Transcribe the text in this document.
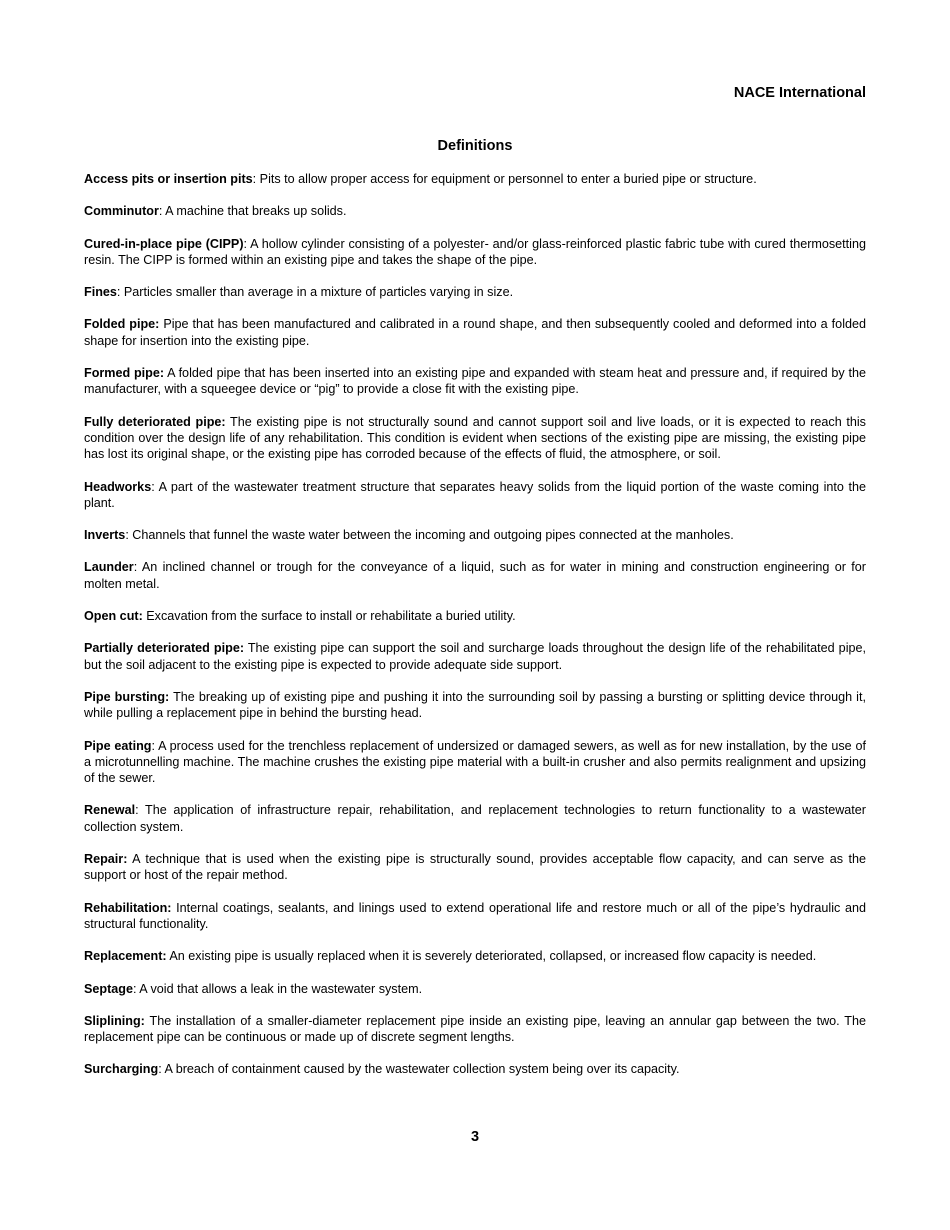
NACE International
Definitions

Access pits or insertion pits: Pits to allow proper access for equipment or personnel to enter a buried pipe or structure.

Comminutor: A machine that breaks up solids.

Cured-in-place pipe (CIPP): A hollow cylinder consisting of a polyester- and/or glass-reinforced plastic fabric tube with cured thermosetting resin. The CIPP is formed within an existing pipe and takes the shape of the pipe.

Fines: Particles smaller than average in a mixture of particles varying in size.

Folded pipe: Pipe that has been manufactured and calibrated in a round shape, and then subsequently cooled and deformed into a folded shape for insertion into the existing pipe.

Formed pipe: A folded pipe that has been inserted into an existing pipe and expanded with steam heat and pressure and, if required by the manufacturer, with a squeegee device or “pig” to provide a close fit with the existing pipe.

Fully deteriorated pipe: The existing pipe is not structurally sound and cannot support soil and live loads, or it is expected to reach this condition over the design life of any rehabilitation. This condition is evident when sections of the existing pipe are missing, the existing pipe has lost its original shape, or the existing pipe has corroded because of the effects of fluid, the atmosphere, or soil.

Headworks: A part of the wastewater treatment structure that separates heavy solids from the liquid portion of the waste coming into the plant.

Inverts: Channels that funnel the waste water between the incoming and outgoing pipes connected at the manholes.

Launder: An inclined channel or trough for the conveyance of a liquid, such as for water in mining and construction engineering or for molten metal.

Open cut: Excavation from the surface to install or rehabilitate a buried utility.

Partially deteriorated pipe: The existing pipe can support the soil and surcharge loads throughout the design life of the rehabilitated pipe, but the soil adjacent to the existing pipe is expected to provide adequate side support.

Pipe bursting: The breaking up of existing pipe and pushing it into the surrounding soil by passing a bursting or splitting device through it, while pulling a replacement pipe in behind the bursting head.

Pipe eating: A process used for the trenchless replacement of undersized or damaged sewers, as well as for new installation, by the use of a microtunnelling machine. The machine crushes the existing pipe material with a built-in crusher and also permits realignment and upsizing of the sewer.

Renewal: The application of infrastructure repair, rehabilitation, and replacement technologies to return functionality to a wastewater collection system.

Repair: A technique that is used when the existing pipe is structurally sound, provides acceptable flow capacity, and can serve as the support or host of the repair method.

Rehabilitation: Internal coatings, sealants, and linings used to extend operational life and restore much or all of the pipe’s hydraulic and structural functionality.

Replacement: An existing pipe is usually replaced when it is severely deteriorated, collapsed, or increased flow capacity is needed.

Septage: A void that allows a leak in the wastewater system.

Sliplining: The installation of a smaller-diameter replacement pipe inside an existing pipe, leaving an annular gap between the two. The replacement pipe can be continuous or made up of discrete segment lengths.

Surcharging: A breach of containment caused by the wastewater collection system being over its capacity.

3
